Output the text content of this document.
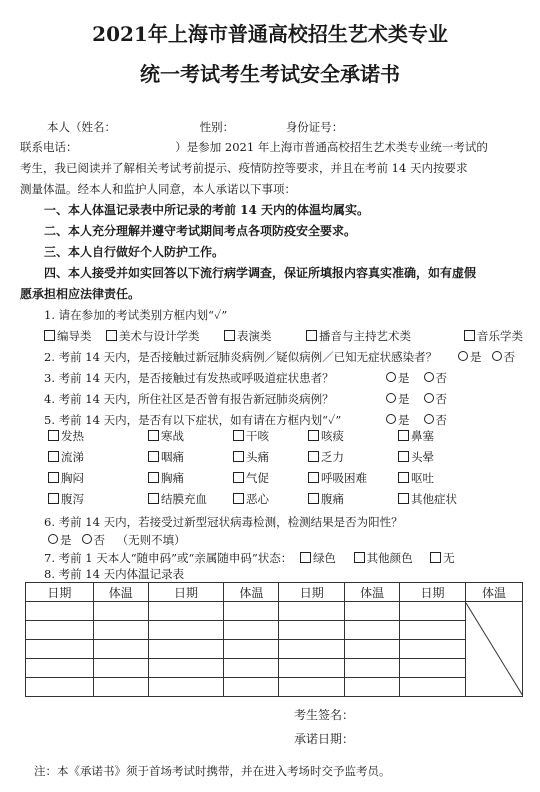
2021年上海市普通高校招生艺术类专业
统一考试考生考试安全承诺书
本人（姓名：	性别：	身份证号：
联系电话：　　　　　　　　　）是参加 2021 年上海市普通高校招生艺术类专业统一考试的
考生，我已阅读并了解相关考试考前提示、疫情防控等要求，并且在考前 14 天内按要求
测量体温。经本人和监护人同意，本人承诺以下事项：
一、本人体温记录表中所记录的考前 14 天内的体温均属实。
二、本人充分理解并遵守考试期间考点各项防疫安全要求。
三、本人自行做好个人防护工作。
四、本人接受并如实回答以下流行病学调查，保证所填报内容真实准确，如有虚假
愿承担相应法律责任。
1. 请在参加的考试类别方框内划“✓”
编导类	美术与设计学类	表演类	播音与主持艺术类	音乐学类
2. 考前 14 天内，是否接触过新冠肺炎病例／疑似病例／已知无症状感染者？	是 否
3. 考前 14 天内，是否接触过有发热或呼吸道症状患者？	是 否
4. 考前 14 天内，所住社区是否曾有报告新冠肺炎病例？	是 否
5. 考前 14 天内，是否有以下症状，如有请在方框内划“✓”	是 否
发热	寒战	干咳	咳痰	鼻塞
流涕	咽痛	头痛	乏力	头晕
胸闷	胸痛	气促	呼吸困难	呕吐
腹泻	结膜充血	恶心	腹痛	其他症状
6. 考前 14 天内，若接受过新型冠状病毒检测，检测结果是否为阳性？
是 否 （无则不填）
7. 考前 1 天本人“随申码”或“亲属随申码”状态： 绿色	其他颜色	无
8. 考前 14 天内体温记录表
日期	体温	日期	体温	日期	体温	日期	体温

考生签名：
承诺日期：
注：本《承诺书》须于首场考试时携带，并在进入考场时交予监考员。
